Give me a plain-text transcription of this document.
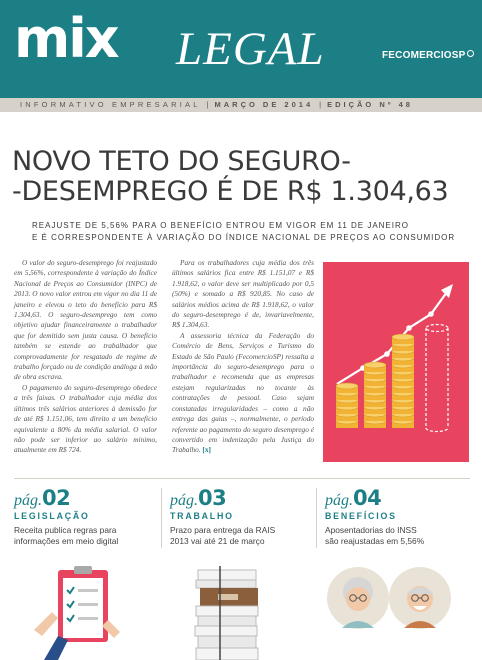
mix LEGAL	FECOMERCIOSP
INFORMATIVO EMPRESARIAL | MARÇO DE 2014 | EDIÇÃO Nº 48
NOVO TETO DO SEGURO-
-DESEMPREGO É DE R$ 1.304,63
REAJUSTE DE 5,56% PARA O BENEFÍCIO ENTROU EM VIGOR EM 11 DE JANEIRO
E É CORRESPONDENTE À VARIAÇÃO DO ÍNDICE NACIONAL DE PREÇOS AO CONSUMIDOR

O valor do seguro-desemprego foi reajustado em 5,56%, correspondente à variação do Índice Nacional de Preços ao Consumidor (INPC) de 2013. O novo valor entrou em vigor no dia 11 de janeiro e elevou o teto do benefício para R$ 1.304,63. O seguro-desemprego tem como objetivo ajudar financeiramente o trabalhador que for demitido sem justa causa. O benefício também se estende ao trabalhador que comprovadamente for resgatado de regime de trabalho forçado ou de condição análoga à mão de obra escrava.

O pagamento do seguro-desemprego obedece a três faixas. O trabalhador cuja média dos últimos três salários anteriores à demissão for de até R$ 1.151,06, tem direito a um benefício equivalente a 80% da média salarial. O valor não pode ser inferior ao salário mínimo, atualmente em R$ 724.

Para os trabalhadores cuja média dos três últimos salários fica entre R$ 1.151,07 e R$ 1.918,62, o valor deve ser multiplicado por 0,5 (50%) e somado a R$ 920,85. No caso de salários médios acima de R$ 1.918,62, o valor do seguro-desemprego é de, invariavelmente, R$ 1.304,63.

A assessoria técnica da Federação do Comércio de Bens, Serviços e Turismo do Estado de São Paulo (FecomercioSP) ressalta a importância do seguro-desemprego para o trabalhador e recomenda que as empresas estejam regularizadas no tocante às contratações de pessoal. Caso sejam constatadas irregularidades – como a não entrega das guias –, normalmente, o período referente ao pagamento do seguro desemprego é convertido em indenização pela Justiça do Trabalho. [x]

pág.02
LEGISLAÇÃO
Receita publica regras para
informações em meio digital
pág.03
TRABALHO
Prazo para entrega da RAIS
2013 vai até 21 de março
pág.04
BENEFÍCIOS
Aposentadorias do INSS
são reajustadas em 5,56%
